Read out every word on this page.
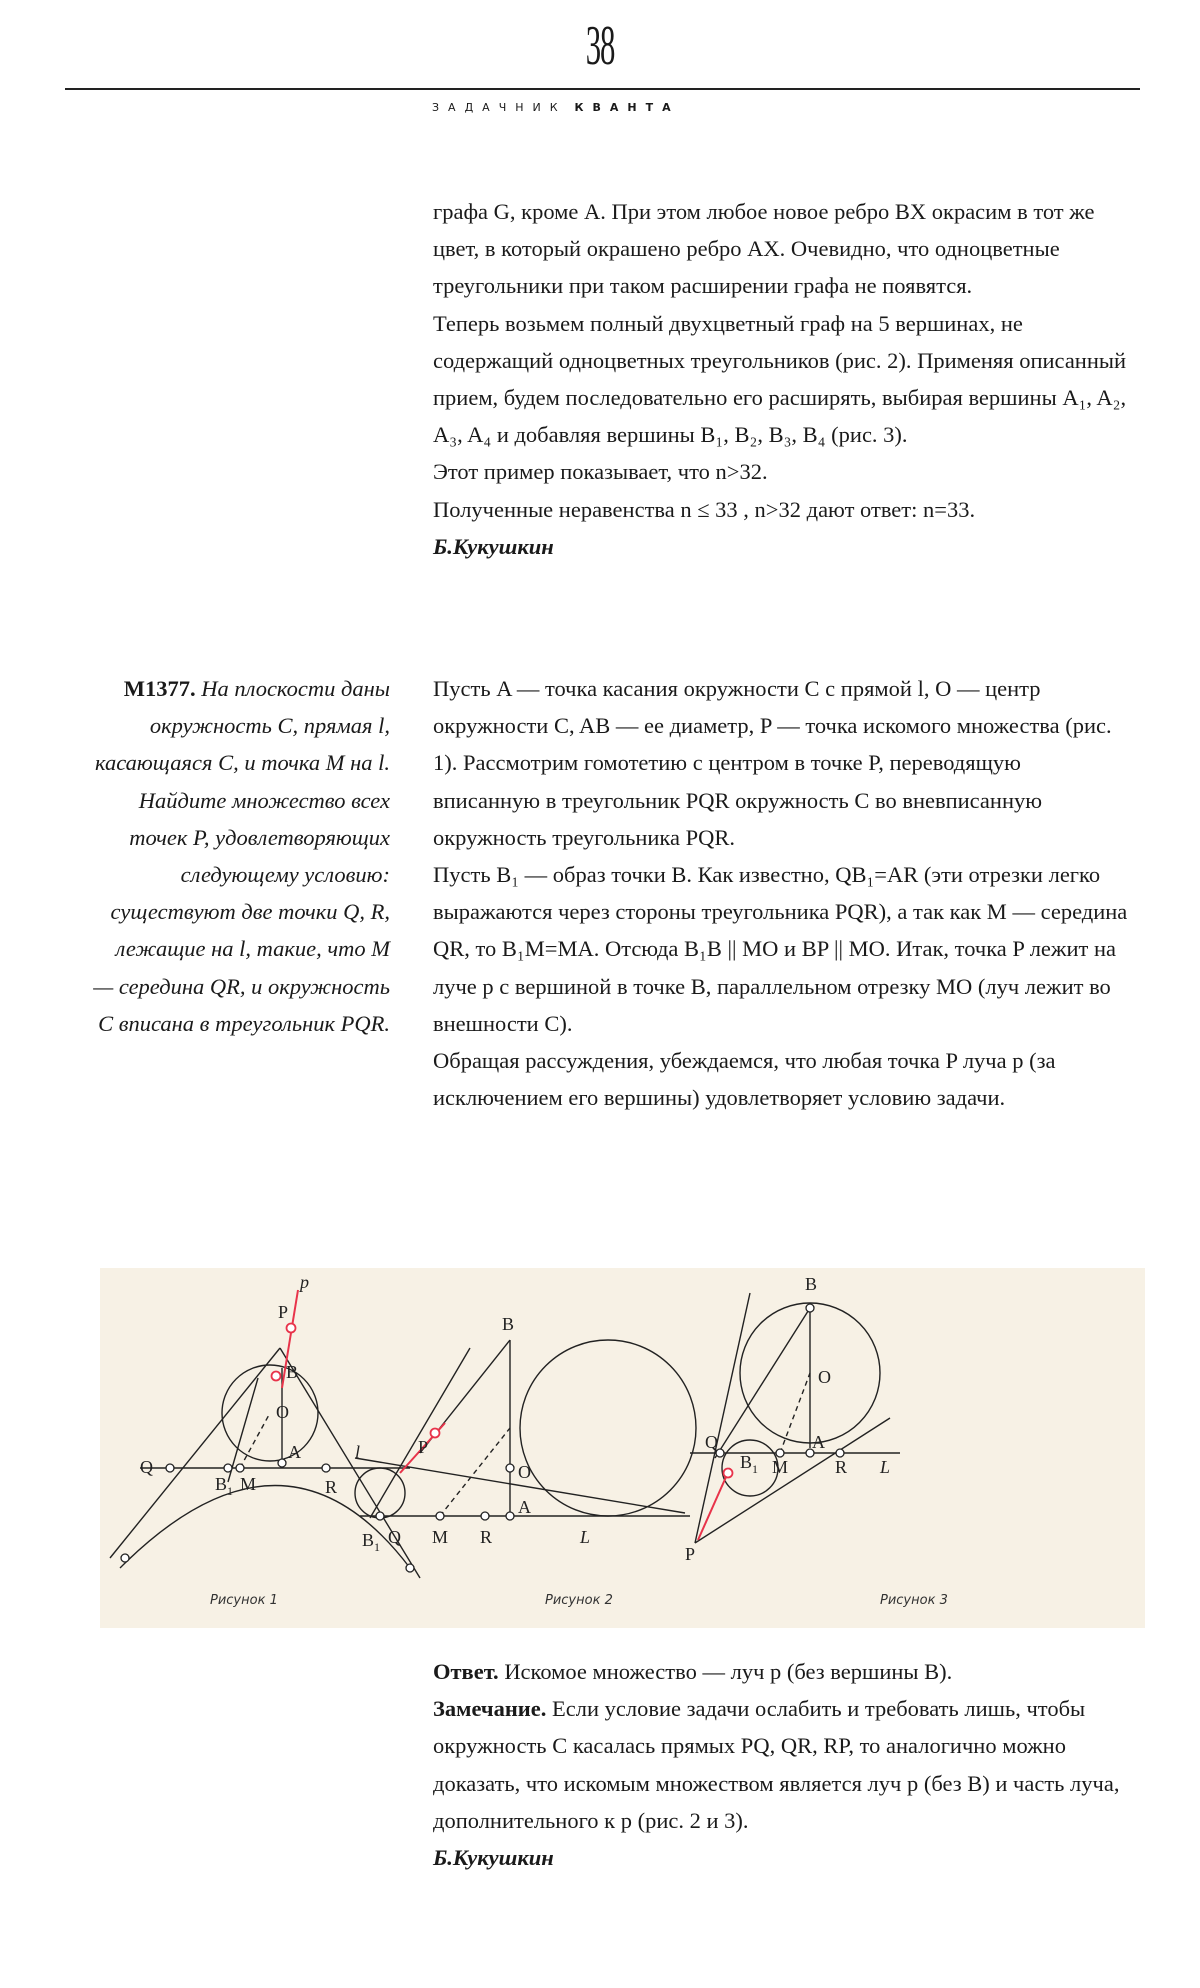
38
ЗАДАЧНИК КВАНТА

графа G, кроме A. При этом любое новое ребро BX окрасим в тот же цвет, в который окрашено ребро AX. Очевидно, что одноцветные треугольники при таком расширении графа не появятся.

Теперь возьмем полный двухцветный граф на 5 вершинах, не содержащий одноцветных треугольников (рис. 2). Применяя описанный прием, будем последовательно его расширять, выбирая вершины A₁, A₂, A₃, A₄ и добавляя вершины B₁, B₂, B₃, B₄ (рис. 3).

Этот пример показывает, что n>32.

Полученные неравенства n ≤ 33 , n>32 дают ответ: n=33.

Б.Кукушкин

M1377. На плоскости даны окружность C, прямая l, касающаяся C, и точка M на l. Найдите множество всех точек P, удовлетворяющих следующему условию: существуют две точки Q, R, лежащие на l, такие, что M — середина QR, и окружность C вписана в треугольник PQR.

Пусть A — точка касания окружности C с прямой l, O — центр окружности C, AB — ее диаметр, P — точка искомого множества (рис. 1). Рассмотрим гомотетию с центром в точке P, переводящую вписанную в треугольник PQR окружность C во вневписанную окружность треугольника PQR.

Пусть B₁ — образ точки B. Как известно, QB₁=AR (эти отрезки легко выражаются через стороны треугольника PQR), а так как M — середина QR, то B₁M=MA. Отсюда B₁B || MO и BP || MO. Итак, точка P лежит на луче p с вершиной в точке B, параллельном отрезку MO (луч лежит во внешности C).

Обращая рассуждения, убеждаемся, что любая точка P луча p (за исключением его вершины) удовлетворяет условию задачи.

p
P
B
O
A	l
Q
R
$B_1$ M
B
O
P
A
$B_1$ Q M R	L
B
O
Q	A
$B_1$ M	R L
P
Рисунок 1	Рисунок 2	Рисунок 3

Ответ. Искомое множество — луч p (без вершины B).

Замечание. Если условие задачи ослабить и требовать лишь, чтобы окружность C касалась прямых PQ, QR, RP, то аналогично можно доказать, что искомым множеством является луч p (без B) и часть луча, дополнительного к p (рис. 2 и 3).

Б.Кукушкин
